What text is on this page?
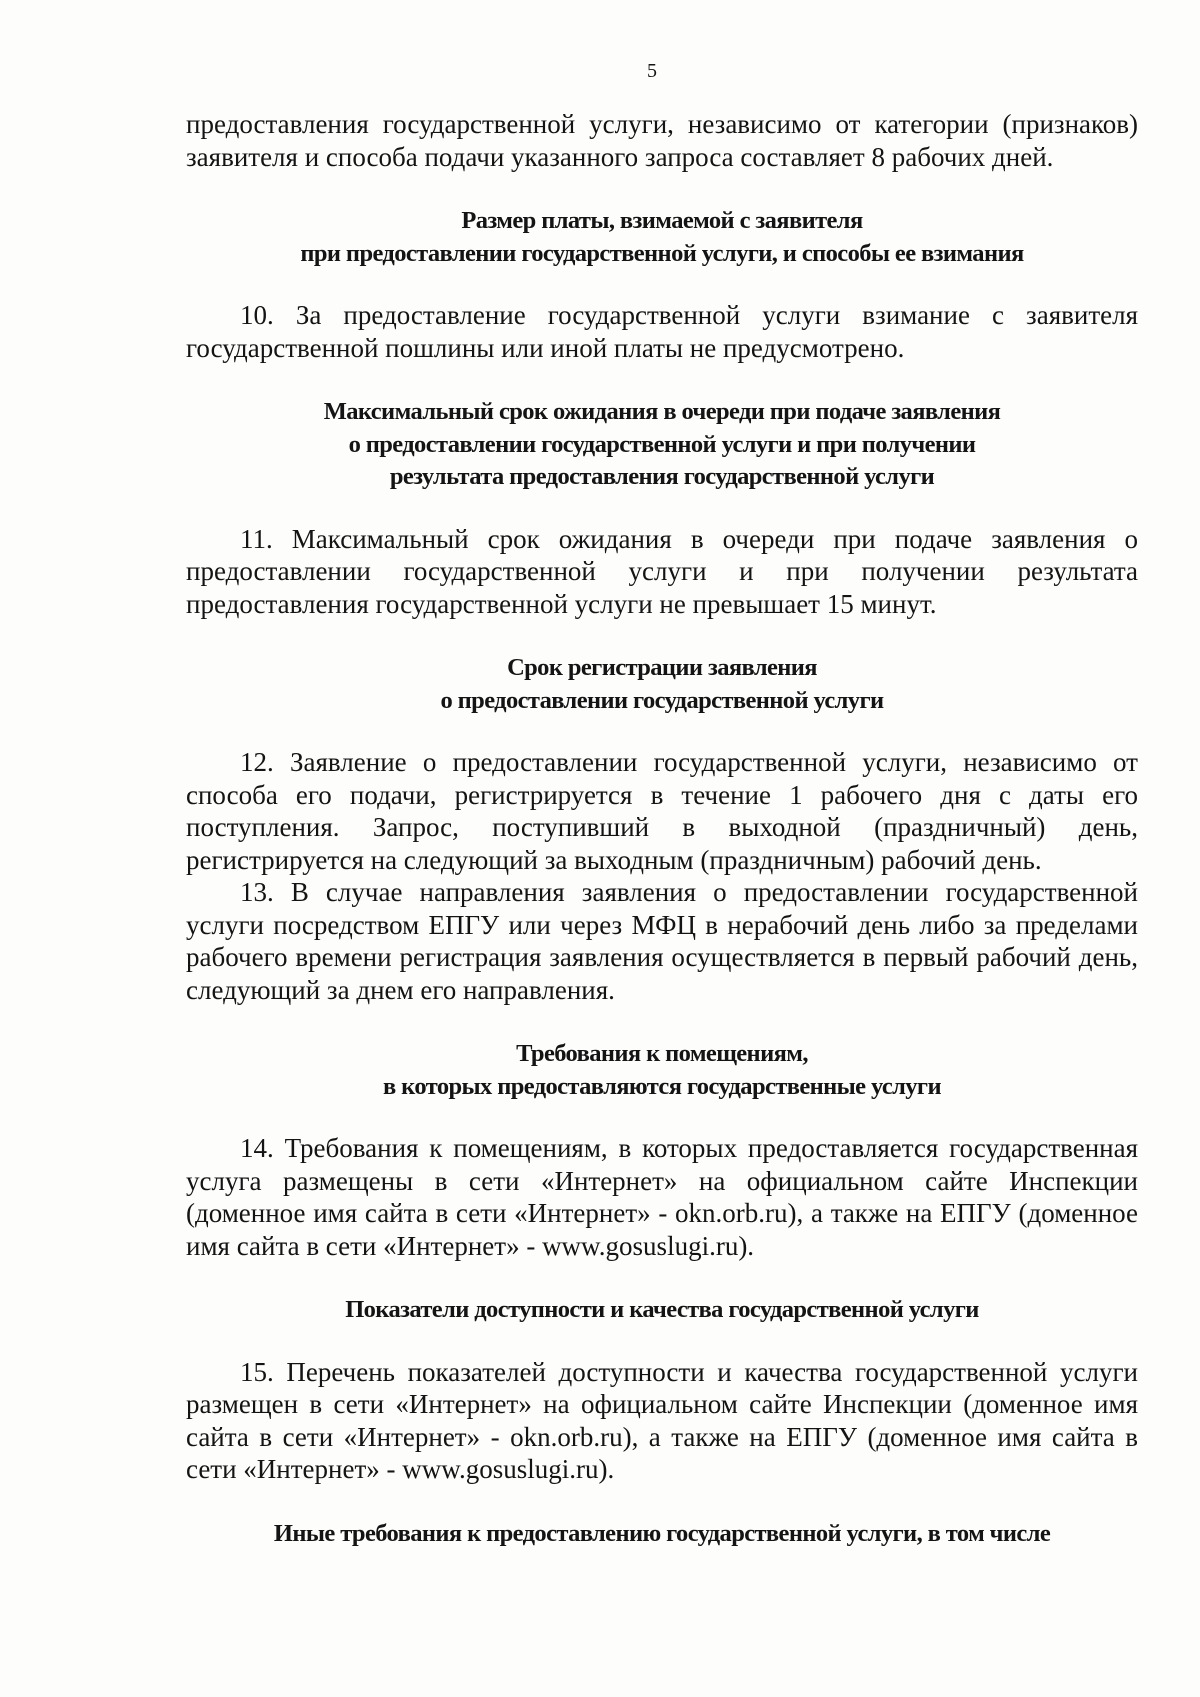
5

предоставления государственной услуги, независимо от категории (признаков) заявителя и способа подачи указанного запроса составляет 8 рабочих дней.

Размер платы, взимаемой с заявителя
при предоставлении государственной услуги, и способы ее взимания

10. За предоставление государственной услуги взимание с заявителя государственной пошлины или иной платы не предусмотрено.

Максимальный срок ожидания в очереди при подаче заявления
о предоставлении государственной услуги и при получении
результата предоставления государственной услуги

11. Максимальный срок ожидания в очереди при подаче заявления о предоставлении государственной услуги и при получении результата предоставления государственной услуги не превышает 15 минут.

Срок регистрации заявления
о предоставлении государственной услуги

12. Заявление о предоставлении государственной услуги, независимо от способа его подачи, регистрируется в течение 1 рабочего дня с даты его поступления. Запрос, поступивший в выходной (праздничный) день, регистрируется на следующий за выходным (праздничным) рабочий день.

13. В случае направления заявления о предоставлении государственной услуги посредством ЕПГУ или через МФЦ в нерабочий день либо за пределами рабочего времени регистрация заявления осуществляется в первый рабочий день, следующий за днем его направления.

Требования к помещениям,
в которых предоставляются государственные услуги

14. Требования к помещениям, в которых предоставляется государственная услуга размещены в сети «Интернет» на официальном сайте Инспекции (доменное имя сайта в сети «Интернет» - okn.orb.ru), а также на ЕПГУ (доменное имя сайта в сети «Интернет» - www.gosuslugi.ru).

Показатели доступности и качества государственной услуги

15. Перечень показателей доступности и качества государственной услуги размещен в сети «Интернет» на официальном сайте Инспекции (доменное имя сайта в сети «Интернет» - okn.orb.ru), а также на ЕПГУ (доменное имя сайта в сети «Интернет» - www.gosuslugi.ru).

Иные требования к предоставлению государственной услуги, в том числе
